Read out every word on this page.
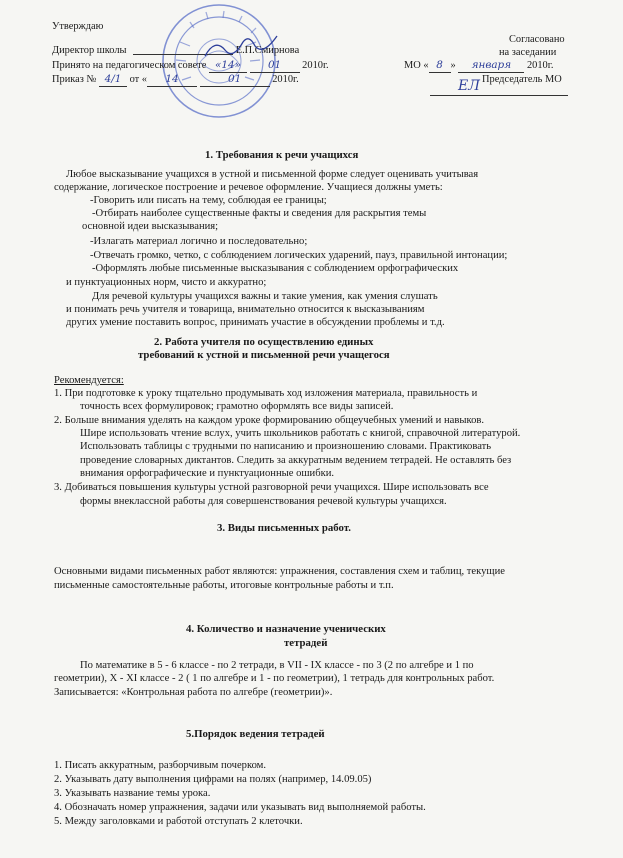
Утверждаю
Директор школы	Е.П.Смирнова
Принято на педагогическом совете «14»	01 2010г.
Приказ № 4/1 от « 14	01	2010г.
Согласовано
на заседании
МО « 8 » января 2010г.
Председатель МО
ЕЛ
1. Требования к речи учащихся
Любое высказывание учащихся в устной и письменной форме следует оценивать учитывая
содержание, логическое построение и речевое оформление. Учащиеся должны уметь:
-Говорить или писать на тему, соблюдая ее границы;
-Отбирать наиболее существенные факты и сведения для раскрытия темы
основной идеи высказывания;
-Излагать материал логично и последовательно;
-Отвечать громко, четко, с соблюдением логических ударений, пауз, правильной интонации;
-Оформлять любые письменные высказывания с соблюдением орфографических
и пунктуационных норм, чисто и аккуратно;
Для речевой культуры учащихся важны и такие умения, как умения слушать
и понимать речь учителя и товарища, внимательно относится к высказываниям
других умение поставить вопрос, принимать участие в обсуждении проблемы и т.д.
2. Работа учителя по осуществлению единых
требований к устной и письменной речи учащегося
Рекомендуется:
1. При подготовке к уроку тщательно продумывать ход изложения материала, правильность и
точность всех формулировок; грамотно оформлять все виды записей.
2. Больше внимания уделять на каждом уроке формированию общеучебных умений и навыков.
Шире использовать чтение вслух, учить школьников работать с книгой, справочной литературой.
Использовать таблицы с трудными по написанию и произношению словами. Практиковать
проведение словарных диктантов. Следить за аккуратным ведением тетрадей. Не оставлять без
внимания орфографические и пунктуационные ошибки.
3. Добиваться повышения культуры устной разговорной речи учащихся. Шире использовать все
формы внеклассной работы для совершенствования речевой культуры учащихся.
3. Виды письменных работ.
Основными видами письменных работ являются: упражнения, составления схем и таблиц, текущие
письменные самостоятельные работы, итоговые контрольные работы и т.п.
4. Количество и назначение ученических
тетрадей
По математике в 5 - 6 классе - по 2 тетради, в VII - IX классе - по 3 (2 по алгебре и 1 по
геометрии), X - XI классе - 2 ( 1 по алгебре и 1 - по геометрии), 1 тетрадь для контрольных работ.
Записывается: «Контрольная работа по алгебре (геометрии)».
5.Порядок ведения тетрадей
1. Писать аккуратным, разборчивым почерком.
2. Указывать дату выполнения цифрами на полях (например, 14.09.05)
3. Указывать название темы урока.
4. Обозначать номер упражнения, задачи или указывать вид выполняемой работы.
5. Между заголовками и работой отступать 2 клеточки.
